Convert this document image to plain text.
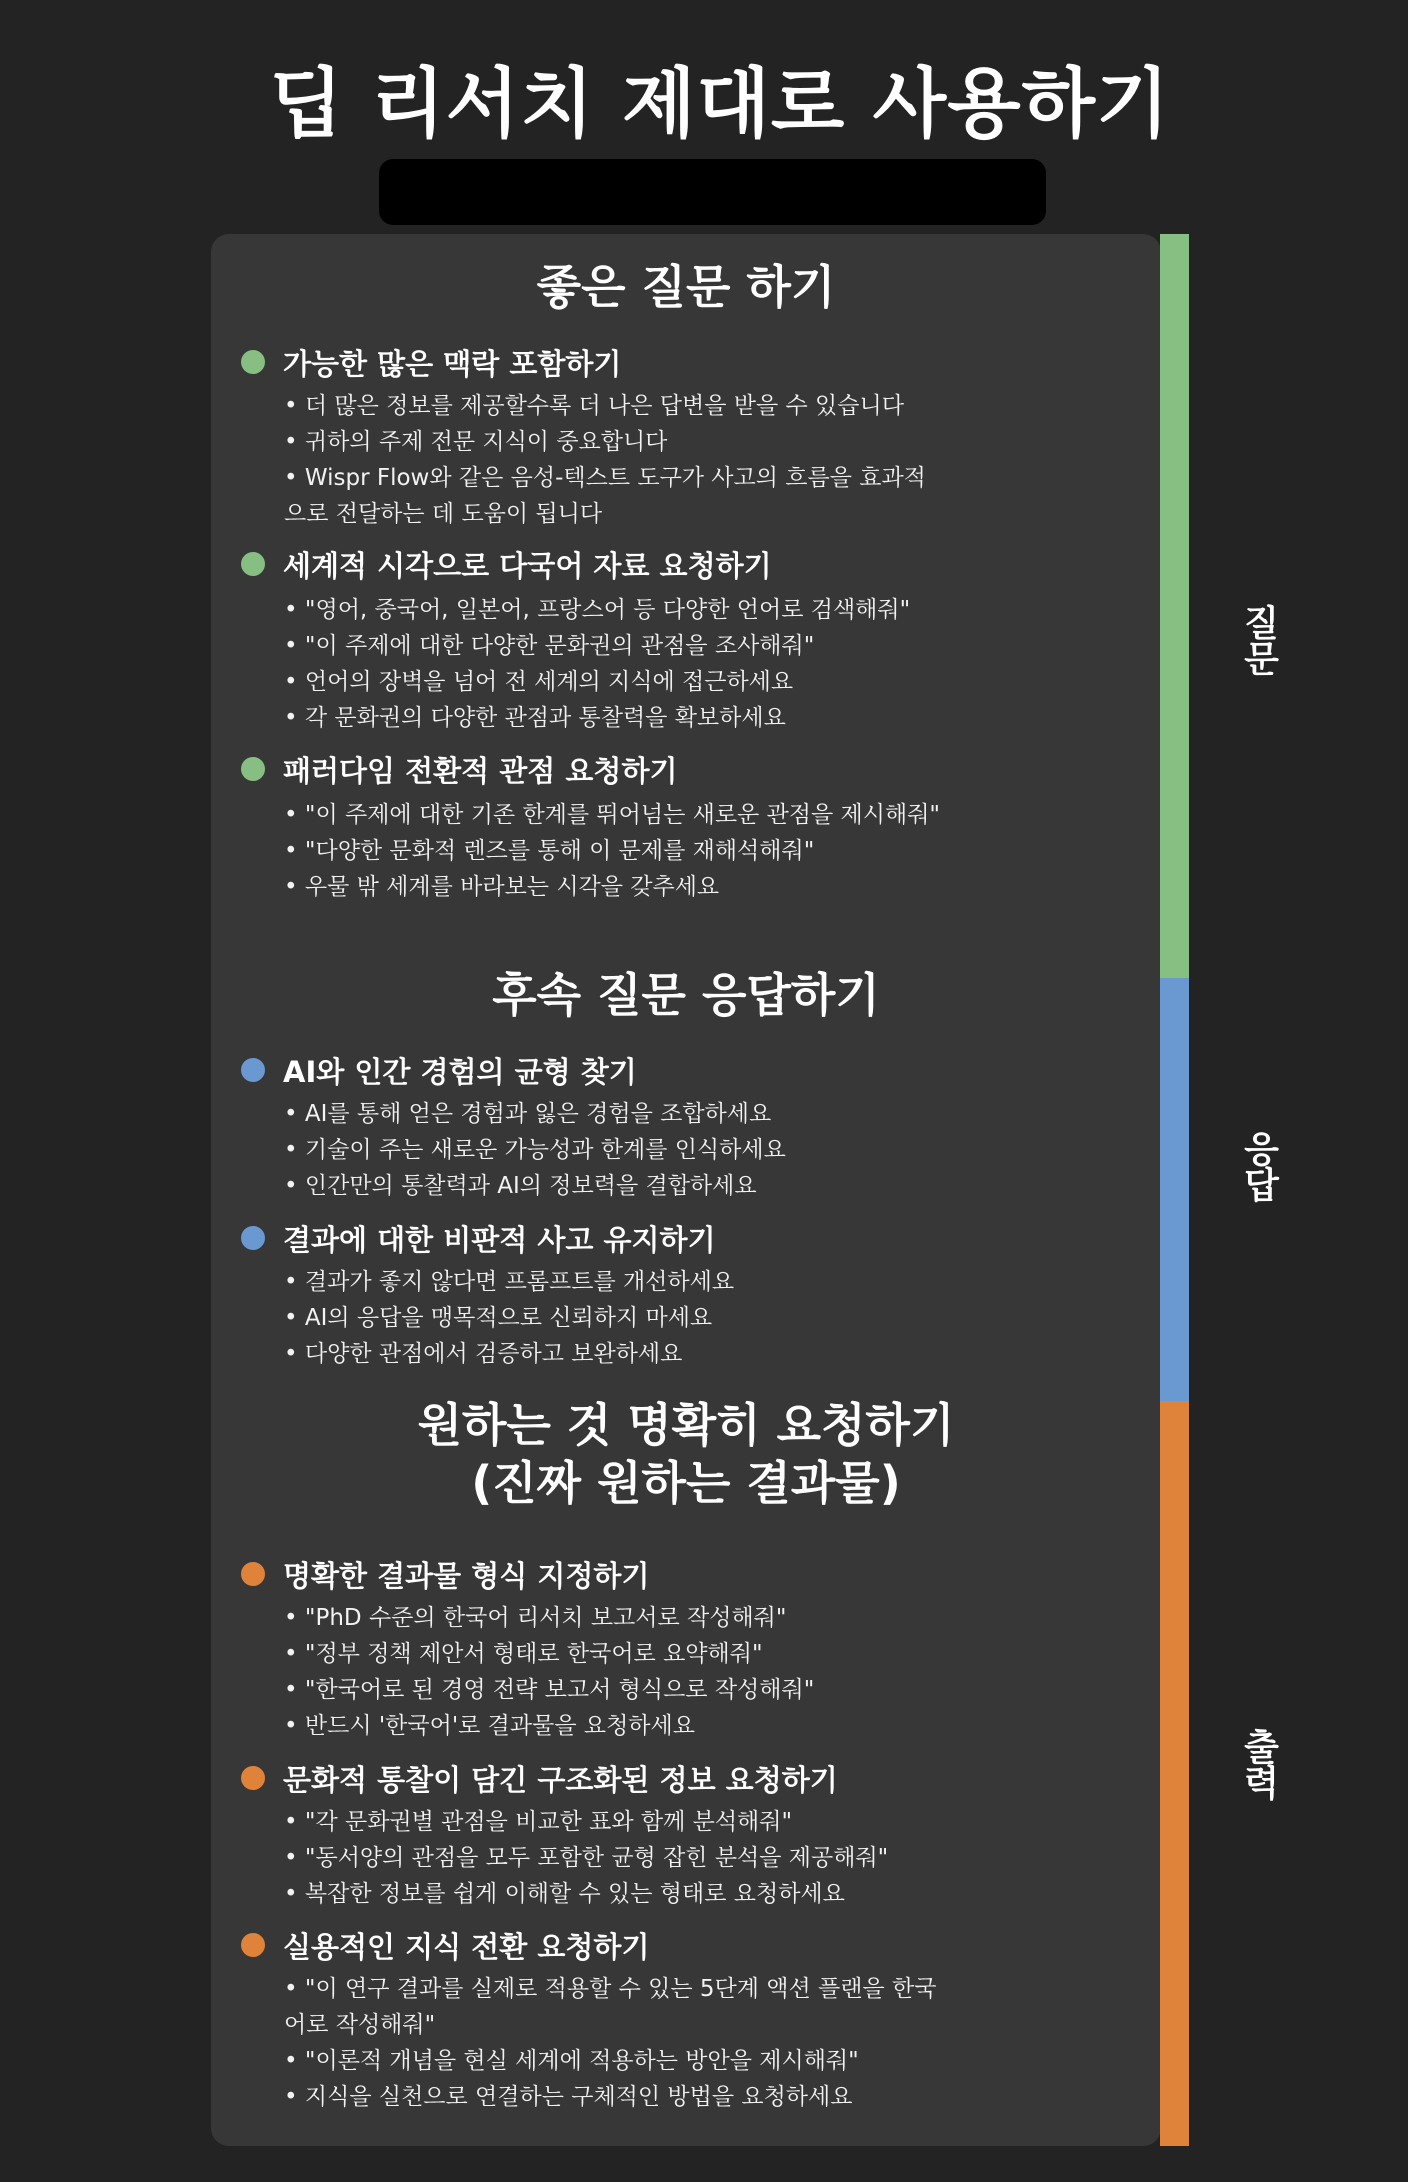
딥 리서치 제대로 사용하기
좋은 질문 하기
가능한 많은 맥락 포함하기
• 더 많은 정보를 제공할수록 더 나은 답변을 받을 수 있습니다
• 귀하의 주제 전문 지식이 중요합니다
• Wispr Flow와 같은 음성-텍스트 도구가 사고의 흐름을 효과적으로 전달하는 데 도움이 됩니다
세계적 시각으로 다국어 자료 요청하기
• "영어, 중국어, 일본어, 프랑스어 등 다양한 언어로 검색해줘"
• "이 주제에 대한 다양한 문화권의 관점을 조사해줘"
• 언어의 장벽을 넘어 전 세계의 지식에 접근하세요
• 각 문화권의 다양한 관점과 통찰력을 확보하세요
패러다임 전환적 관점 요청하기
• "이 주제에 대한 기존 한계를 뛰어넘는 새로운 관점을 제시해줘"
• "다양한 문화적 렌즈를 통해 이 문제를 재해석해줘"
• 우물 밖 세계를 바라보는 시각을 갖추세요
후속 질문 응답하기
AI와 인간 경험의 균형 찾기
• AI를 통해 얻은 경험과 잃은 경험을 조합하세요
• 기술이 주는 새로운 가능성과 한계를 인식하세요
• 인간만의 통찰력과 AI의 정보력을 결합하세요
결과에 대한 비판적 사고 유지하기
• 결과가 좋지 않다면 프롬프트를 개선하세요
• AI의 응답을 맹목적으로 신뢰하지 마세요
• 다양한 관점에서 검증하고 보완하세요
원하는 것 명확히 요청하기
(진짜 원하는 결과물)
명확한 결과물 형식 지정하기
• "PhD 수준의 한국어 리서치 보고서로 작성해줘"
• "정부 정책 제안서 형태로 한국어로 요약해줘"
• "한국어로 된 경영 전략 보고서 형식으로 작성해줘"
• 반드시 '한국어'로 결과물을 요청하세요
문화적 통찰이 담긴 구조화된 정보 요청하기
• "각 문화권별 관점을 비교한 표와 함께 분석해줘"
• "동서양의 관점을 모두 포함한 균형 잡힌 분석을 제공해줘"
• 복잡한 정보를 쉽게 이해할 수 있는 형태로 요청하세요
실용적인 지식 전환 요청하기
• "이 연구 결과를 실제로 적용할 수 있는 5단계 액션 플랜을 한국어로 작성해줘"
• "이론적 개념을 현실 세계에 적용하는 방안을 제시해줘"
• 지식을 실천으로 연결하는 구체적인 방법을 요청하세요
질문
응답
출력
